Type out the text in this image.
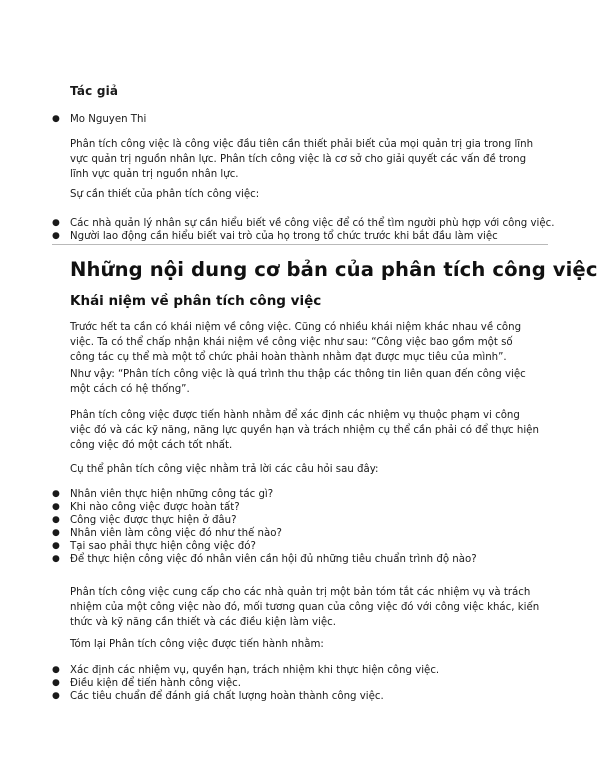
Tác giả
● Mo Nguyen Thi
Phân tích công việc là công việc đầu tiên cần thiết phải biết của mọi quản trị gia trong lĩnh vực quản trị nguồn nhân lực. Phân tích công việc là cơ sở cho giải quyết các vấn đề trong lĩnh vực quản trị nguồn nhân lực.
Sự cần thiết của phân tích công việc:
● Các nhà quản lý nhân sự cần hiểu biết về công việc để có thể tìm người phù hợp với công việc.
● Người lao động cần hiểu biết vai trò của họ trong tổ chức trước khi bắt đầu làm việc
Những nội dung cơ bản của phân tích công việc
Khái niệm về phân tích công việc
Trước hết ta cần có khái niệm về công việc. Cũng có nhiều khái niệm khác nhau về công việc. Ta có thể chấp nhận khái niệm về công việc như sau: “Công việc bao gồm một số công tác cụ thể mà một tổ chức phải hoàn thành nhằm đạt được mục tiêu của mình”.
Như vậy: “Phân tích công việc là quá trình thu thập các thông tin liên quan đến công việc một cách có hệ thống”.
Phân tích công việc được tiến hành nhằm để xác định các nhiệm vụ thuộc phạm vi công việc đó và các kỹ năng, năng lực quyền hạn và trách nhiệm cụ thể cần phải có để thực hiện công việc đó một cách tốt nhất.
Cụ thể phân tích công việc nhằm trả lời các câu hỏi sau đây:
● Nhân viên thực hiện những công tác gì?
● Khi nào công việc được hoàn tất?
● Công việc được thực hiện ở đâu?
● Nhân viên làm công việc đó như thế nào?
● Tại sao phải thực hiện công việc đó?
● Để thực hiện công việc đó nhân viên cần hội đủ những tiêu chuẩn trình độ nào?
Phân tích công việc cung cấp cho các nhà quản trị một bản tóm tắt các nhiệm vụ và trách nhiệm của một công việc nào đó, mối tương quan của công việc đó với công việc khác, kiến thức và kỹ năng cần thiết và các điều kiện làm việc.
Tóm lại Phân tích công việc được tiến hành nhằm:
● Xác định các nhiệm vụ, quyền hạn, trách nhiệm khi thực hiện công việc.
● Điều kiện để tiến hành công việc.
● Các tiêu chuẩn để đánh giá chất lượng hoàn thành công việc.
